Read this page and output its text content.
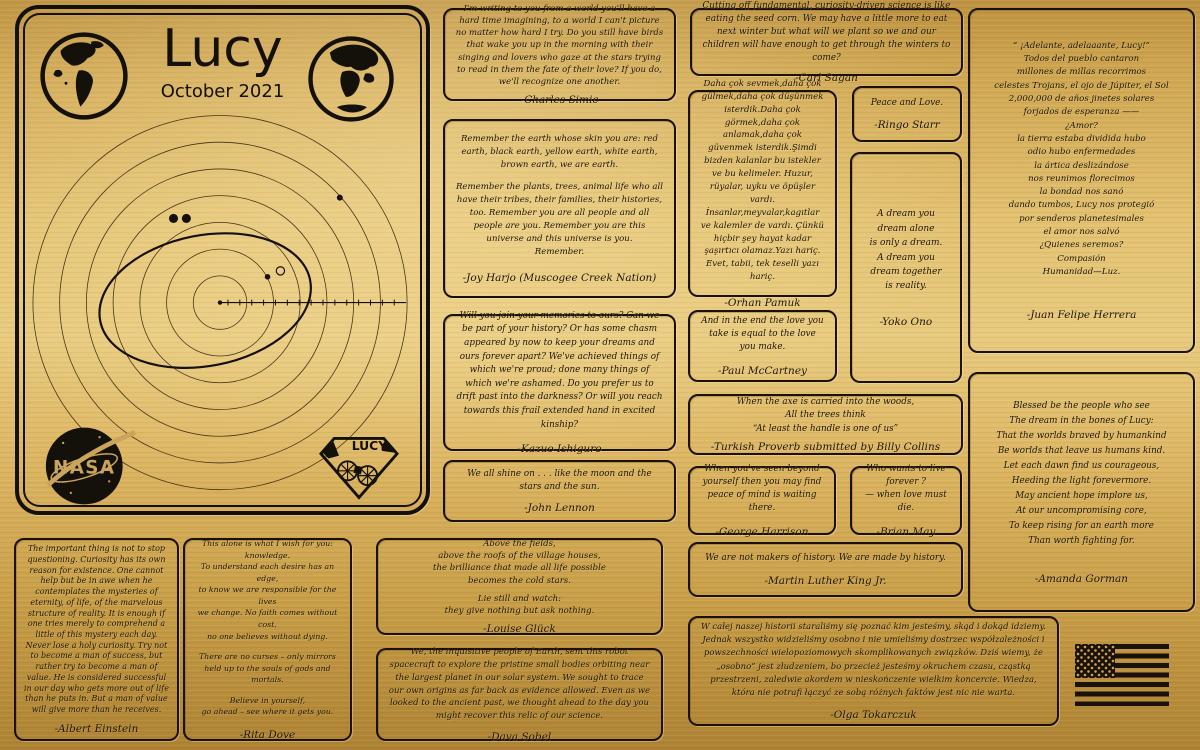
Lucy
October 2021
NASA
LUCY

I'm writing to you from a world you'll have a hard time imagining, to a world I can't picture no matter how hard I try. Do you still have birds that wake you up in the morning with their singing and lovers who gaze at the stars trying to read in them the fate of their love? If you do, we'll recognize one another.

-Charles Simic

Cutting off fundamental, curiosity-driven science is like eating the seed corn. We may have a little more to eat next winter but what will we plant so we and our children will have enough to get through the winters to come?

-Carl Sagan

Peace and Love.

-Ringo Starr

Daha çok sevmek,daha çok gülmek,daha çok düşünmek isterdik.Daha çok görmek,daha çok anlamak,daha çok güvenmek isterdik.Şimdi bizden kalanlar bu istekler ve bu kelimeler. Huzur, rüyalar, uyku ve öpüşler vardı. İnsanlar,meyvalar,kagıtlar ve kalemler de vardı. Çünkü hiçbir şey hayat kadar şaşırtıcı olamaz.Yazı hariç. Evet, tabii, tek teselli yazı hariç.

-Orhan Pamuk

A dream you dream alone
is only a dream.
A dream you dream together
is reality.

-Yoko Ono

“ ¡Adelante, adelaaante, Lucy!”
Todos del pueblo cantaron
millones de millas recorrimos
celestes Trojans, el ojo de Júpiter, el Sol
2,000,000 de años jinetes solares
forjados de esperanza ——
¿Amor?
la tierra estaba dividida hubo
odio hubo enfermedades
la ártica deslizándose
nos reunimos florecimos
la bondad nos sanó
dando tumbos, Lucy nos protegió
por senderos planetesimales
el amor nos salvó
¿Quienes seremos?
Compasión
Humanidad—Luz.

-Juan Felipe Herrera

Remember the earth whose skin you are: red earth, black earth, yellow earth, white earth, brown earth, we are earth.

Remember the plants, trees, animal life who all have their tribes, their families, their histories, too. Remember you are all people and all people are you. Remember you are this universe and this universe is you.

Remember.

-Joy Harjo (Muscogee Creek Nation)

And in the end the love you take is equal to the love you make.

-Paul McCartney

Will you join your memories to ours? Can we be part of your history? Or has some chasm appeared by now to keep your dreams and ours forever apart? We've achieved things of which we're proud; done many things of which we're ashamed. Do you prefer us to drift past into the darkness? Or will you reach towards this frail extended hand in excited kinship?

-Kazuo Ishiguro

When the axe is carried into the woods,
All the trees think
“At least the handle is one of us”

-Turkish Proverb submitted by Billy Collins

We all shine on . . . like the moon and the stars and the sun.

-John Lennon

When you've seen beyond yourself then you may find peace of mind is waiting there.

-George Harrison

Who wants to live forever ?
— when love must die.

-Brian May

Blessed be the people who see
The dream in the bones of Lucy:
That the worlds braved by humankind
Be worlds that leave us humans kind.
Let each dawn find us courageous,
Heeding the light forevermore.
May ancient hope implore us,
At our uncompromising core,
To keep rising for an earth more
Than worth fighting for.

-Amanda Gorman

We are not makers of history. We are made by history.

-Martin Luther King Jr.

The important thing is not to stop questioning. Curiosity has its own reason for existence. One cannot help but be in awe when he contemplates the mysteries of eternity, of life, of the marvelous structure of reality. It is enough if one tries merely to comprehend a little of this mystery each day. Never lose a holy curiosity. Try not to become a man of success, but rather try to become a man of value. He is considered successful in our day who gets more out of life than he puts in. But a man of value will give more than he receives.

-Albert Einstein

This alone is what I wish for you: knowledge.
To understand each desire has an edge,
to know we are responsible for the lives
we change. No faith comes without cost,
no one believes without dying.

There are no curses – only mirrors
held up to the souls of gods and mortals.

Believe in yourself,
go ahead – see where it gets you.

-Rita Dove

Above the fields,
above the roofs of the village houses,
the brilliance that made all life possible
becomes the cold stars.

Lie still and watch:
they give nothing but ask nothing.

-Louise Glück

We, the inquisitive people of Earth, sent this robot spacecraft to explore the pristine small bodies orbiting near the largest planet in our solar system. We sought to trace our own origins as far back as evidence allowed. Even as we looked to the ancient past, we thought ahead to the day you might recover this relic of our science.

-Dava Sobel

W całej naszej historii staraliśmy się poznać kim jesteśmy, skąd i dokąd idziemy. Jednak wszystko widzieliśmy osobno i nie umieliśmy dostrzec współzależności i powszechności wielopoziomowych skomplikowanych związków. Dziś wiemy, że „osobno” jest złudzeniem, bo przecież jesteśmy okruchem czasu, cząstką przestrzeni, zaledwie akordem w nieskończenie wielkim koncercie. Wiedza, która nie potrafi łączyć ze sobą różnych faktów jest nic nie warta.

-Olga Tokarczuk
